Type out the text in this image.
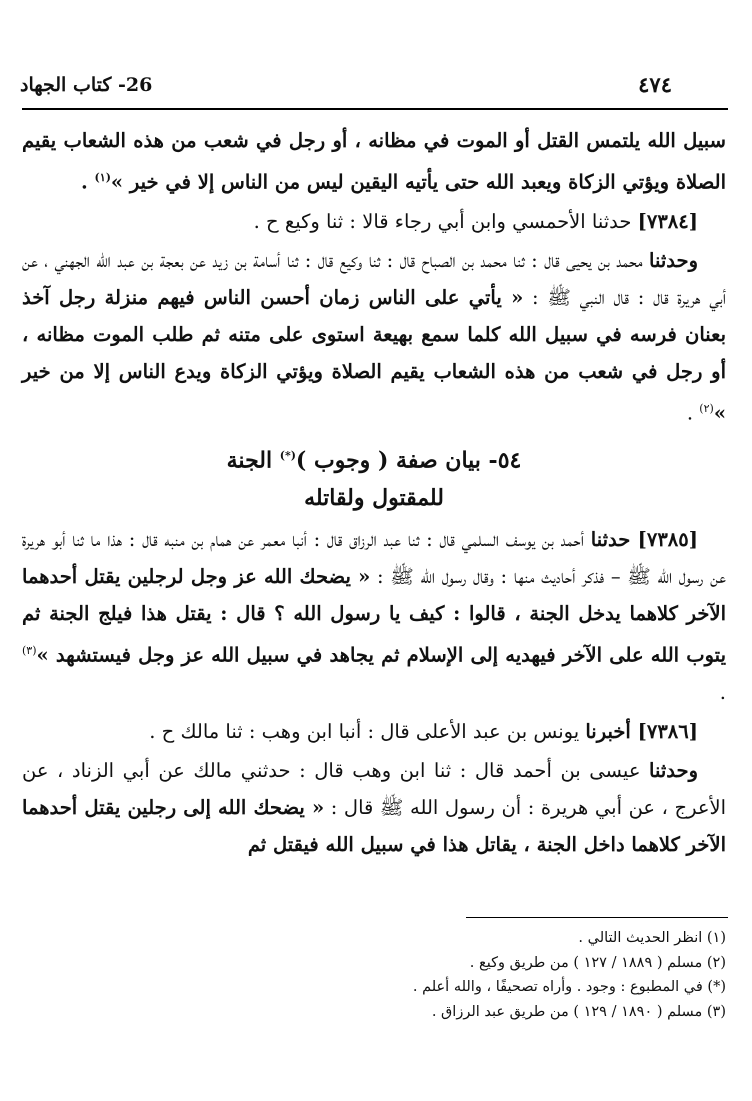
٤٧٤
26- كتاب الجهاد

سبيل الله يلتمس القتل أو الموت في مظانه ، أو رجل في شعب من هذه الشعاب يقيم الصلاة ويؤتي الزكاة ويعبد الله حتى يأتيه اليقين ليس من الناس إلا في خير »$^{(١)}$ .

[٧٣٨٤] حدثنا الأحمسي وابن أبي رجاء قالا : ثنا وكيع ح .

وحدثنا محمد بن يحيى قال : ثنا محمد بن الصباح قال : ثنا وكيع قال : ثنا أسامة بن زيد عن بعجة بن عبد الله الجهني ، عن أبي هريرة قال : قال النبي ﷺ : « يأتي على الناس زمان أحسن الناس فيهم منزلة رجل آخذ بعنان فرسه في سبيل الله كلما سمع بهيعة استوى على متنه ثم طلب الموت مظانه ، أو رجل في شعب من هذه الشعاب يقيم الصلاة ويؤتي الزكاة ويدع الناس إلا من خير »$^{(٢)}$ .

٥٤- بيان صفة ( وجوب )(*) الجنة
للمقتول ولقاتله

[٧٣٨٥] حدثنا أحمد بن يوسف السلمي قال : ثنا عبد الرزاق قال : أنبا معمر عن همام بن منبه قال : هذا ما ثنا أبو هريرة عن رسول الله ﷺ – فذكر أحاديث منها : وقال رسول الله ﷺ : « يضحك الله عز وجل لرجلين يقتل أحدهما الآخر كلاهما يدخل الجنة ، قالوا : كيف يا رسول الله ؟ قال : يقتل هذا فيلج الجنة ثم يتوب الله على الآخر فيهديه إلى الإسلام ثم يجاهد في سبيل الله عز وجل فيستشهد »$^{(٣)}$ .

[٧٣٨٦] أخبرنا يونس بن عبد الأعلى قال : أنبا ابن وهب : ثنا مالك ح .

وحدثنا عيسى بن أحمد قال : ثنا ابن وهب قال : حدثني مالك عن أبي الزناد ، عن الأعرج ، عن أبي هريرة : أن رسول الله ﷺ قال : « يضحك الله إلى رجلين يقتل أحدهما الآخر كلاهما داخل الجنة ، يقاتل هذا في سبيل الله فيقتل ثم

(١) انظر الحديث التالي .

(٢) مسلم ( ١٨٨٩ / ١٢٧ ) من طريق وكيع .

(*) في المطبوع : وجود . وأراه تصحيفًا ، والله أعلم .

(٣) مسلم ( ١٨٩٠ / ١٢٩ ) من طريق عبد الرزاق .
